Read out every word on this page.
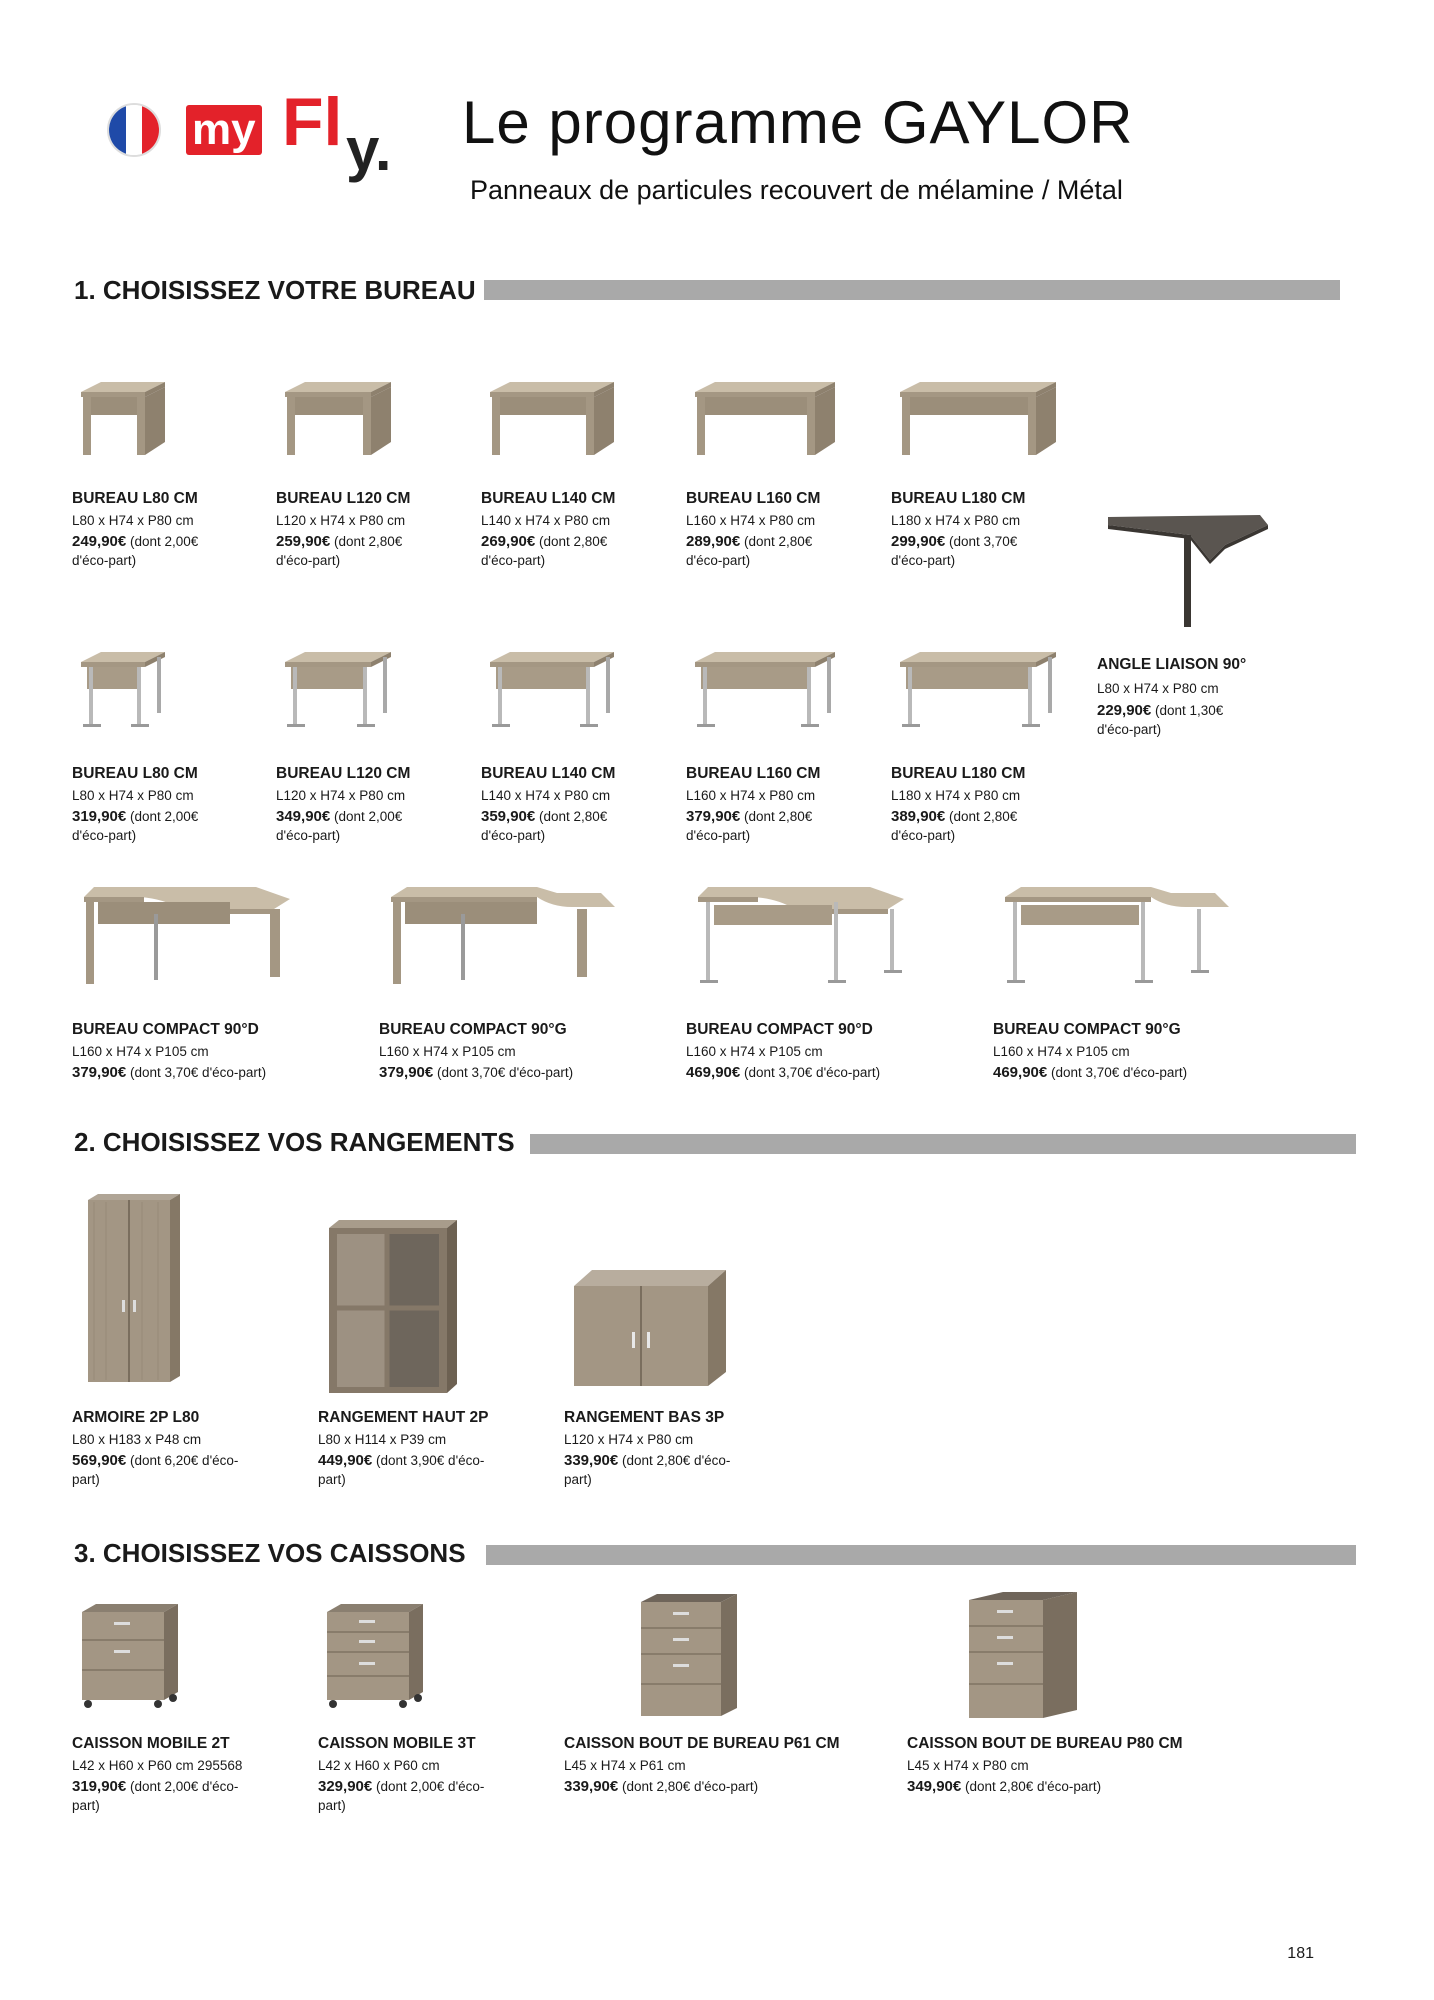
my Fl y. Le programme GAYLOR
Panneaux de particules recouvert de mélamine / Métal
1. CHOISISSEZ VOTRE BUREAU
BUREAU L80 CM
L80 x H74 x P80 cm
249,90€ (dont 2,00€
d'éco-part)
BUREAU L120 CM
L120 x H74 x P80 cm
259,90€ (dont 2,80€
d'éco-part)
BUREAU L140 CM
L140 x H74 x P80 cm
269,90€ (dont 2,80€
d'éco-part)
BUREAU L160 CM
L160 x H74 x P80 cm
289,90€ (dont 2,80€
d'éco-part)
BUREAU L180 CM
L180 x H74 x P80 cm
299,90€ (dont 3,70€
d'éco-part)
BUREAU L80 CM
L80 x H74 x P80 cm
319,90€ (dont 2,00€
d'éco-part)
BUREAU L120 CM
L120 x H74 x P80 cm
349,90€ (dont 2,00€
d'éco-part)
BUREAU L140 CM
L140 x H74 x P80 cm
359,90€ (dont 2,80€
d'éco-part)
BUREAU L160 CM
L160 x H74 x P80 cm
379,90€ (dont 2,80€
d'éco-part)
BUREAU L180 CM
L180 x H74 x P80 cm
389,90€ (dont 2,80€
d'éco-part)
ANGLE LIAISON 90°
L80 x H74 x P80 cm
229,90€ (dont 1,30€
d'éco-part)
BUREAU COMPACT 90°D
L160 x H74 x P105 cm
379,90€ (dont 3,70€ d'éco-part)
BUREAU COMPACT 90°G
L160 x H74 x P105 cm
379,90€ (dont 3,70€ d'éco-part)
BUREAU COMPACT 90°D
L160 x H74 x P105 cm
469,90€ (dont 3,70€ d'éco-part)
BUREAU COMPACT 90°G
L160 x H74 x P105 cm
469,90€ (dont 3,70€ d'éco-part)
2. CHOISISSEZ VOS RANGEMENTS
ARMOIRE 2P L80
L80 x H183 x P48 cm
569,90€ (dont 6,20€ d'éco-
part)
RANGEMENT HAUT 2P
L80 x H114 x P39 cm
449,90€ (dont 3,90€ d'éco-
part)
RANGEMENT BAS 3P
L120 x H74 x P80 cm
339,90€ (dont 2,80€ d'éco-
part)
3. CHOISISSEZ VOS CAISSONS
CAISSON MOBILE 2T
L42 x H60 x P60 cm 295568
319,90€ (dont 2,00€ d'éco-
part)
CAISSON MOBILE 3T
L42 x H60 x P60 cm
329,90€ (dont 2,00€ d'éco-
part)
CAISSON BOUT DE BUREAU P61 CM
L45 x H74 x P61 cm
339,90€ (dont 2,80€ d'éco-part)
CAISSON BOUT DE BUREAU P80 CM
L45 x H74 x P80 cm
349,90€ (dont 2,80€ d'éco-part)
181
